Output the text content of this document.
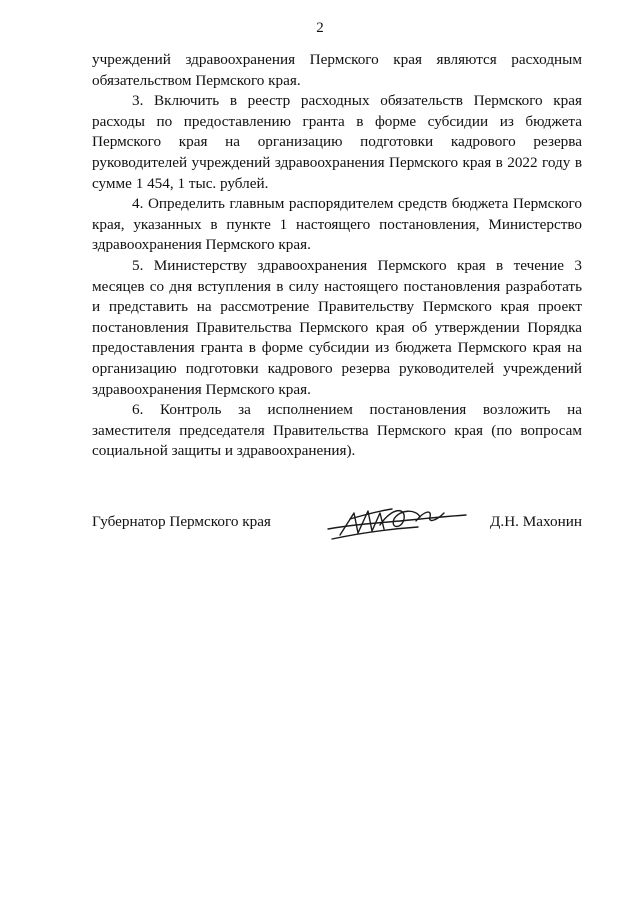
2

учреждений здравоохранения Пермского края являются расходным обязательством Пермского края.

3. Включить в реестр расходных обязательств Пермского края расходы по предоставлению гранта в форме субсидии из бюджета Пермского края на организацию подготовки кадрового резерва руководителей учреждений здравоохранения Пермского края в 2022 году в сумме 1 454, 1 тыс. рублей.

4. Определить главным распорядителем средств бюджета Пермского края, указанных в пункте 1 настоящего постановления, Министерство здравоохранения Пермского края.

5. Министерству здравоохранения Пермского края в течение 3 месяцев со дня вступления в силу настоящего постановления разработать и представить на рассмотрение Правительству Пермского края проект постановления Правительства Пермского края об утверждении Порядка предоставления гранта в форме субсидии из бюджета Пермского края на организацию подготовки кадрового резерва руководителей учреждений здравоохранения Пермского края.

6. Контроль за исполнением постановления возложить на заместителя председателя Правительства Пермского края (по вопросам социальной защиты и здравоохранения).

Губернатор Пермского края	Д.Н. Махонин
